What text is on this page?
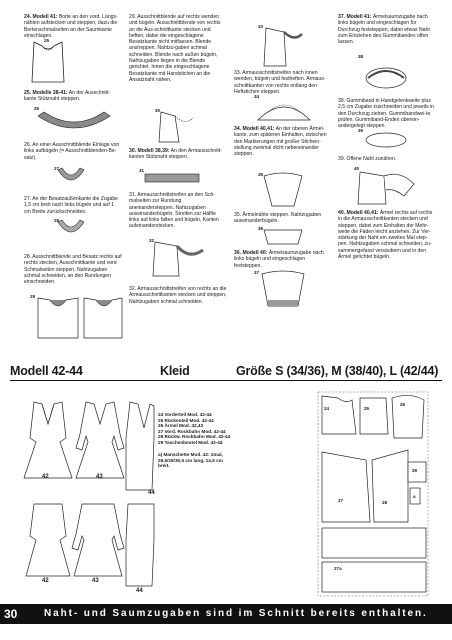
24. Modell 41: Borte an den vord. Längs-nähten aufstecken und steppen, dazu die Bortenschmalseiten an der Saumkante einschlagen.

25

25. Modelle 38-41: An der Ausschnitt-kante Stütznaht steppen.

26

26. An einer Ausschnittblende Einlage von links aufbügeln (= Ausschnittblenden-Be-satz).

27

27. An der Besatzaußenkante die Zugabe 1,5 cm breit nach links bügeln und auf 1 cm Breite zurückschneiden.

28

28. Ausschnittblende und Besatz rechts auf rechts stecken, Ausschnittkante und vord Schmalseiten steppen, Nahtzugaben schmal schneiden, an den Rundungen einschneiden.

29

29. Ausschnittblende auf rechts wenden und bügeln. Ausschnittblende von rechts an die Aus-schnittkante stecken und heften, dabei die eingeschlagene Besatzkante nicht mitfassen. Blende anstreppen. Nahtzu-gaben schmal schneiden. Blende nach außen bügeln, Nahtzugaben liegen in die Blende gerichtet. Innen die eingeschlagene Besatzkante mit Handstichen an die Ansatznaht nähen.

30

30. Modell 38,39: An den Armausschnitt-kanten Stütznaht steppen.

31

31. Armausschnittstreifen an den Sch-malseiten zur Rundung aneinandersteppen. Nahtzugaben auseinanderbügeln. Streifen zur Hälfte links auf links falten und bügeln, Kanten aufeinanderstecken.

32

32. Armausschnittstreifen von rechts an die Armausschnittkanten stecken und steppen, Nahtzugaben schmal schneiden.

33

33. Armausschnittstreifen nach innen wenden, bügeln und festheften. Armaus-schnittkanten von rechts entlang den Heftstichen steppen.

34

34. Modell 40,41: An der oberen Ärmel-kante, zum späteren Einhalten, zwischen den Markierungen mit großer Stichein-stellung zweimal dicht nebeneinander steppen.

35

35. Ärmelnähte steppen. Nahtzugaben auseinanderbügeln.

36

36. Modell 40: Ärmelsaumzugabe nach links bügeln und eingeschlagen feststeppen.

37

37. Modell 41: Ärmelsaumzugabe nach links bügeln und eingeschlagen für Durchzug feststeppen, dabei etwas Naht zum Einziehen des Gummibandes offen lassen.

38

38. Gummiband in Handgelenkweite plus 2,5 cm Zugabe zuschneiden und jeweils in den Durchzug ziehen. Gummibandwei-te prüfen. Gummiband-Enden überein-andergelegt steppen.

39

39. Offene Naht zunähen.

40

40. Modell 40,41: Ärmel rechts auf rechts in die Armausschnittkanten stecken und steppen, dabei zum Einhalten der Mehr-weite die Fäden leicht anziehen. Zur Ver-stärkung der Naht ein zweites Mal step-pen. Nahtzugaben schmal schneiden, zu-sammengefasst versäubern und in den Ärmel gerichtet bügeln.

Modell 42-44	Kleid	Größe S (34/36), M (38/40), L (42/44)
42	43
44
42	43
44
24 Vorderteil Mod. 42-44
25 Rückenteil Mod. 42-44
26 Ärmel Mod. 42,43
27 Vord. Rockbahn Mod. 42-44
28 Rückw. Rockbahn Mod. 42-44
29 Taschenbeutel Mod. 42-44
a) Manschette Mod. 42: 2mal, 26,5/29/30,5 cm lang, 14,5 cm breit.
24	25
26
27	28
29
a
27a
30	Naht- und Saumzugaben sind im Schnitt bereits enthalten.
